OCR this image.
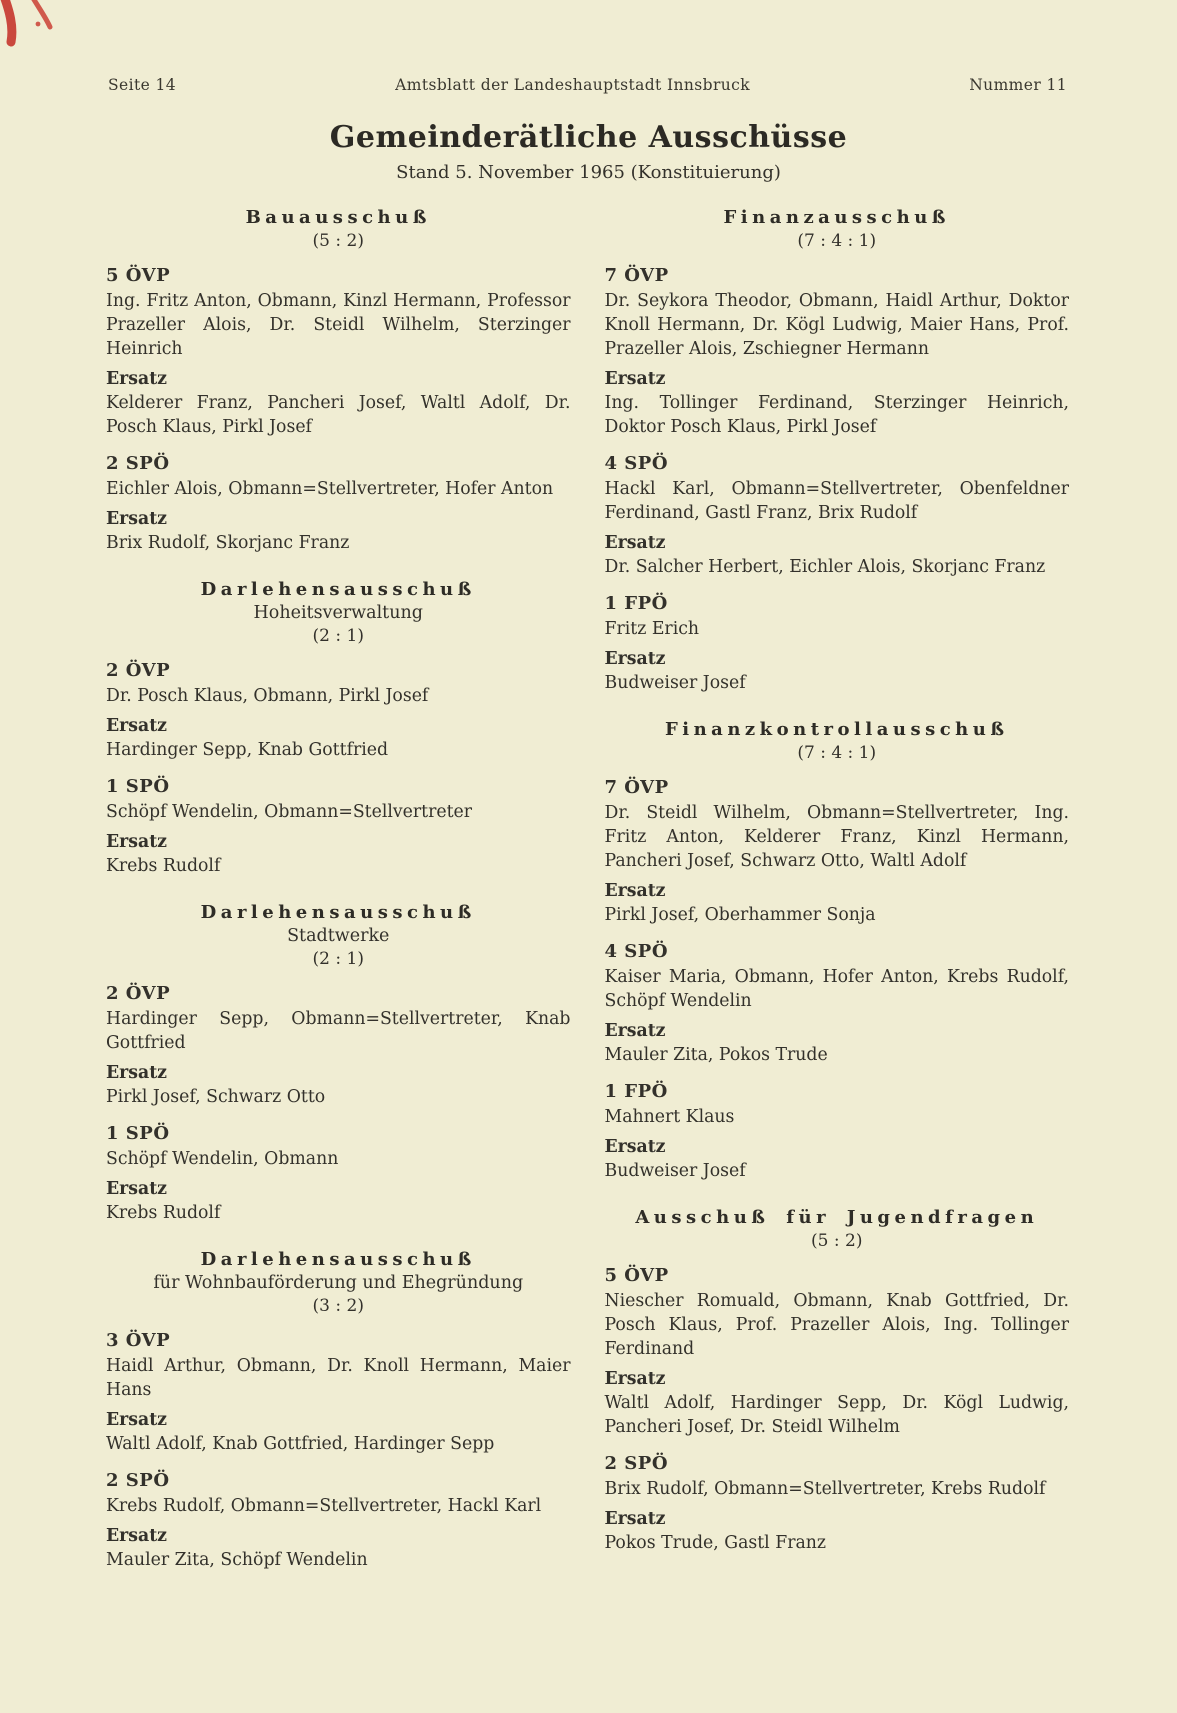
Seite 14	Amtsblatt der Landeshauptstadt Innsbruck	Nummer 11
Gemeinderätliche Ausschüsse
Stand 5. November 1965 (Konstituierung)
Bauausschuß
(5 : 2)
5 ÖVP

Ing. Fritz Anton, Obmann, Kinzl Hermann, Professor Prazeller Alois, Dr. Steidl Wilhelm, Sterzinger Heinrich

Ersatz

Kelderer Franz, Pancheri Josef, Waltl Adolf, Dr. Posch Klaus, Pirkl Josef

2 SPÖ

Eichler Alois, Obmann=Stellvertreter, Hofer Anton

Ersatz

Brix Rudolf, Skorjanc Franz

Darlehensausschuß
Hoheitsverwaltung
(2 : 1)
2 ÖVP

Dr. Posch Klaus, Obmann, Pirkl Josef

Ersatz

Hardinger Sepp, Knab Gottfried

1 SPÖ

Schöpf Wendelin, Obmann=Stellvertreter

Ersatz

Krebs Rudolf

Darlehensausschuß
Stadtwerke
(2 : 1)
2 ÖVP

Hardinger Sepp, Obmann=Stellvertreter, Knab Gottfried

Ersatz

Pirkl Josef, Schwarz Otto

1 SPÖ

Schöpf Wendelin, Obmann

Ersatz

Krebs Rudolf

Darlehensausschuß
für Wohnbauförderung und Ehegründung
(3 : 2)
3 ÖVP

Haidl Arthur, Obmann, Dr. Knoll Hermann, Maier Hans

Ersatz

Waltl Adolf, Knab Gottfried, Hardinger Sepp

2 SPÖ

Krebs Rudolf, Obmann=Stellvertreter, Hackl Karl

Ersatz

Mauler Zita, Schöpf Wendelin

Finanzausschuß
(7 : 4 : 1)
7 ÖVP

Dr. Seykora Theodor, Obmann, Haidl Arthur, Doktor Knoll Hermann, Dr. Kögl Ludwig, Maier Hans, Prof. Prazeller Alois, Zschiegner Hermann

Ersatz

Ing. Tollinger Ferdinand, Sterzinger Heinrich, Doktor Posch Klaus, Pirkl Josef

4 SPÖ

Hackl Karl, Obmann=Stellvertreter, Obenfeldner Ferdinand, Gastl Franz, Brix Rudolf

Ersatz

Dr. Salcher Herbert, Eichler Alois, Skorjanc Franz

1 FPÖ

Fritz Erich

Ersatz

Budweiser Josef

Finanzkontrollausschuß
(7 : 4 : 1)
7 ÖVP

Dr. Steidl Wilhelm, Obmann=Stellvertreter, Ing. Fritz Anton, Kelderer Franz, Kinzl Hermann, Pancheri Josef, Schwarz Otto, Waltl Adolf

Ersatz

Pirkl Josef, Oberhammer Sonja

4 SPÖ

Kaiser Maria, Obmann, Hofer Anton, Krebs Rudolf, Schöpf Wendelin

Ersatz

Mauler Zita, Pokos Trude

1 FPÖ

Mahnert Klaus

Ersatz

Budweiser Josef

Ausschuß für Jugendfragen
(5 : 2)
5 ÖVP

Niescher Romuald, Obmann, Knab Gottfried, Dr. Posch Klaus, Prof. Prazeller Alois, Ing. Tollinger Ferdinand

Ersatz

Waltl Adolf, Hardinger Sepp, Dr. Kögl Ludwig, Pancheri Josef, Dr. Steidl Wilhelm

2 SPÖ

Brix Rudolf, Obmann=Stellvertreter, Krebs Rudolf

Ersatz

Pokos Trude, Gastl Franz
